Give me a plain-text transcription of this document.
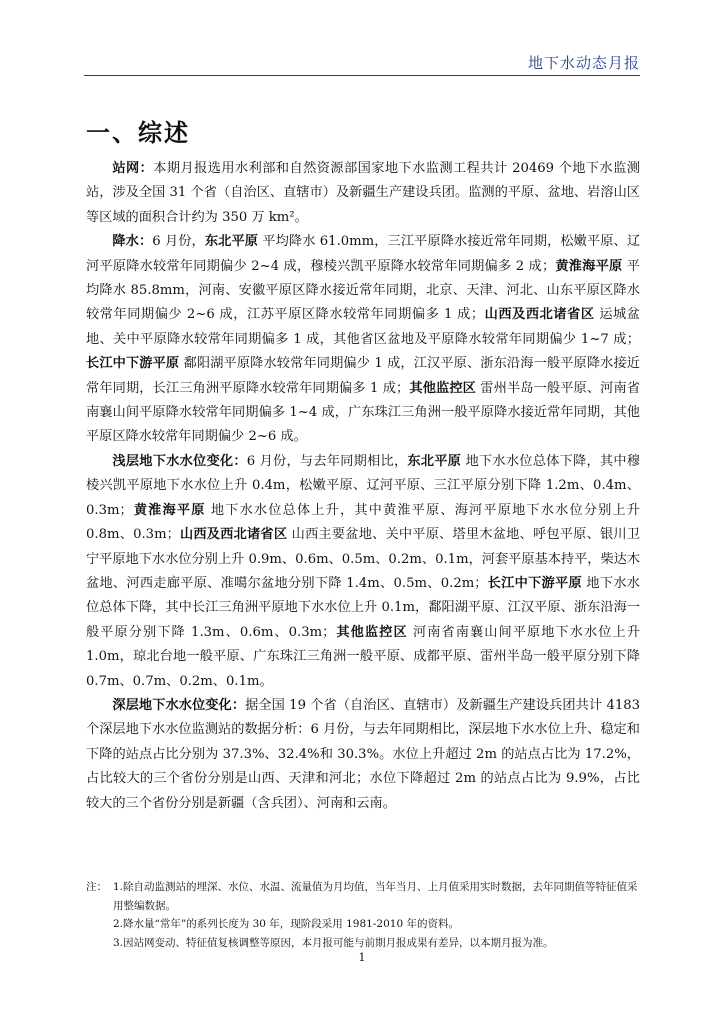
地下水动态月报
一、综述

站网：本期月报选用水利部和自然资源部国家地下水监测工程共计 20469 个地下水监测站，涉及全国 31 个省（自治区、直辖市）及新疆生产建设兵团。监测的平原、盆地、岩溶山区等区域的面积合计约为 350 万 km²。

降水：6 月份，东北平原 平均降水 61.0mm，三江平原降水接近常年同期，松嫩平原、辽河平原降水较常年同期偏少 2~4 成，穆棱兴凯平原降水较常年同期偏多 2 成；黄淮海平原 平均降水 85.8mm，河南、安徽平原区降水接近常年同期，北京、天津、河北、山东平原区降水较常年同期偏少 2~6 成，江苏平原区降水较常年同期偏多 1 成；山西及西北诸省区 运城盆地、关中平原降水较常年同期偏多 1 成，其他省区盆地及平原降水较常年同期偏少 1~7 成；长江中下游平原 鄱阳湖平原降水较常年同期偏少 1 成，江汉平原、浙东沿海一般平原降水接近常年同期，长江三角洲平原降水较常年同期偏多 1 成；其他监控区 雷州半岛一般平原、河南省南襄山间平原降水较常年同期偏多 1~4 成，广东珠江三角洲一般平原降水接近常年同期，其他平原区降水较常年同期偏少 2~6 成。

浅层地下水水位变化：6 月份，与去年同期相比，东北平原 地下水水位总体下降，其中穆棱兴凯平原地下水水位上升 0.4m，松嫩平原、辽河平原、三江平原分别下降 1.2m、0.4m、0.3m；黄淮海平原 地下水水位总体上升，其中黄淮平原、海河平原地下水水位分别上升 0.8m、0.3m；山西及西北诸省区 山西主要盆地、关中平原、塔里木盆地、呼包平原、银川卫宁平原地下水水位分别上升 0.9m、0.6m、0.5m、0.2m、0.1m，河套平原基本持平，柴达木盆地、河西走廊平原、准噶尔盆地分别下降 1.4m、0.5m、0.2m；长江中下游平原 地下水水位总体下降，其中长江三角洲平原地下水水位上升 0.1m，鄱阳湖平原、江汉平原、浙东沿海一般平原分别下降 1.3m、0.6m、0.3m；其他监控区 河南省南襄山间平原地下水水位上升 1.0m，琼北台地一般平原、广东珠江三角洲一般平原、成都平原、雷州半岛一般平原分别下降 0.7m、0.7m、0.2m、0.1m。

深层地下水水位变化：据全国 19 个省（自治区、直辖市）及新疆生产建设兵团共计 4183 个深层地下水水位监测站的数据分析：6 月份，与去年同期相比，深层地下水水位上升、稳定和下降的站点占比分别为 37.3%、32.4%和 30.3%。水位上升超过 2m 的站点占比为 17.2%，占比较大的三个省份分别是山西、天津和河北；水位下降超过 2m 的站点占比为 9.9%，占比较大的三个省份分别是新疆（含兵团）、河南和云南。

注： 1.除自动监测站的埋深、水位、水温、流量值为月均值，当年当月、上月值采用实时数据，去年同期值等特征值采用整编数据。
2.降水量“常年”的系列长度为 30 年，现阶段采用 1981-2010 年的资料。
3.因站网变动、特征值复核调整等原因，本月报可能与前期月报成果有差异，以本期月报为准。
1
